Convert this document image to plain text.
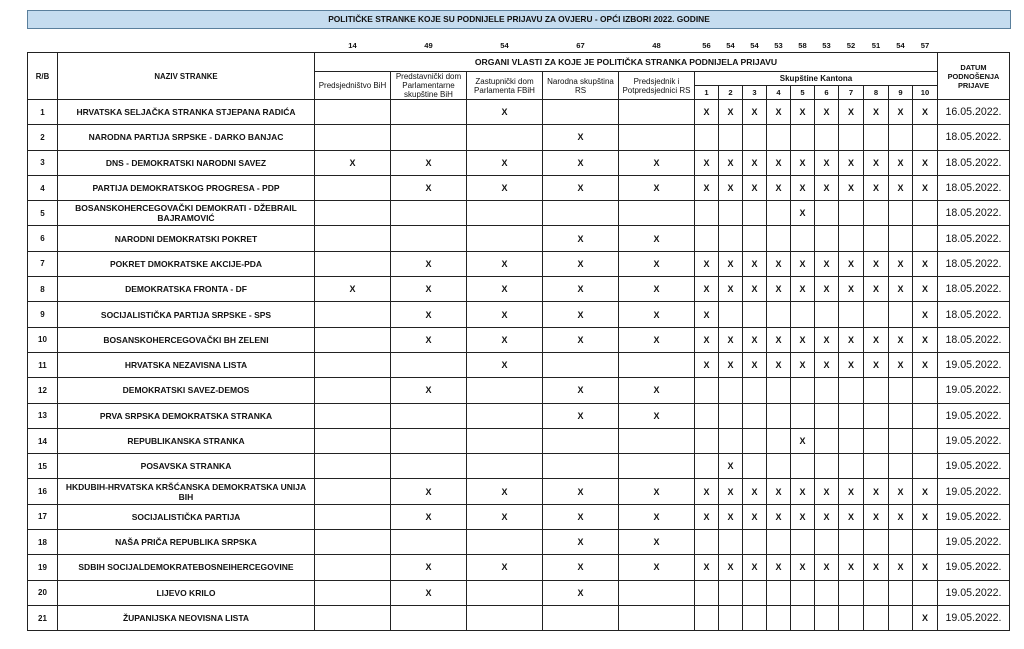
POLITIČKE STRANKE KOJE SU PODNIJELE PRIJAVU ZA OVJERU - OPĆI IZBORI 2022. GODINE
		14	49	54	67	48	56	54	54	53	58	53	52	51	54	57	
R/B	NAZIV STRANKE	ORGANI VLASTI ZA KOJE JE POLITIČKA STRANKA PODNIJELA PRIJAVU															DATUM PODNOŠENJA PRIJAVE
		Predsjedništvo BiH	Predstavnički dom Parlamentarne skupštine BiH	Zastupnički dom Parlamenta FBiH	Narodna skupština RS	Predsjednik i Potpredsjednici RS	Skupštine Kantona										
							1	2	3	4	5	6	7	8	9	10	
1	HRVATSKA SELJAČKA STRANKA STJEPANA RADIĆA			X			X	X	X	X	X	X	X	X	X	X	16.05.2022.
2	NARODNA PARTIJA SRPSKE - DARKO BANJAC				X												18.05.2022.
3	DNS - DEMOKRATSKI NARODNI SAVEZ	X	X	X	X	X	X	X	X	X	X	X	X	X	X	X	18.05.2022.
4	PARTIJA DEMOKRATSKOG PROGRESA - PDP		X	X	X	X	X	X	X	X	X	X	X	X	X	X	18.05.2022.
5	BOSANSKOHERCEGOVAČKI DEMOKRATI - DŽEBRAIL BAJRAMOVIĆ										X						18.05.2022.
6	NARODNI DEMOKRATSKI POKRET				X	X											18.05.2022.
7	POKRET DMOKRATSKE AKCIJE-PDA		X	X	X	X	X	X	X	X	X	X	X	X	X	X	18.05.2022.
8	DEMOKRATSKA FRONTA - DF	X	X	X	X	X	X	X	X	X	X	X	X	X	X	X	18.05.2022.
9	SOCIJALISTIČKA PARTIJA SRPSKE - SPS		X	X	X	X	X									X	18.05.2022.
10	BOSANSKOHERCEGOVAČKI BH ZELENI		X	X	X	X	X	X	X	X	X	X	X	X	X	X	18.05.2022.
11	HRVATSKA NEZAVISNA LISTA			X			X	X	X	X	X	X	X	X	X	X	19.05.2022.
12	DEMOKRATSKI SAVEZ-DEMOS		X		X	X											19.05.2022.
13	PRVA SRPSKA DEMOKRATSKA STRANKA				X	X											19.05.2022.
14	REPUBLIKANSKA STRANKA										X						19.05.2022.
15	POSAVSKA STRANKA							X									19.05.2022.
16	HKDUBIH-HRVATSKA KRŠĆANSKA DEMOKRATSKA UNIJA BIH		X	X	X	X	X	X	X	X	X	X	X	X	X	X	19.05.2022.
17	SOCIJALISTIČKA PARTIJA		X	X	X	X	X	X	X	X	X	X	X	X	X	X	19.05.2022.
18	NAŠA PRIČA REPUBLIKA SRPSKA				X	X											19.05.2022.
19	SDBIH SOCIJALDEMOKRATEBOSNEIHERCEGOVINE		X	X	X	X	X	X	X	X	X	X	X	X	X	X	19.05.2022.
20	LIJEVO KRILO		X		X												19.05.2022.
21	ŽUPANIJSKA NEOVISNA LISTA															X	19.05.2022.
